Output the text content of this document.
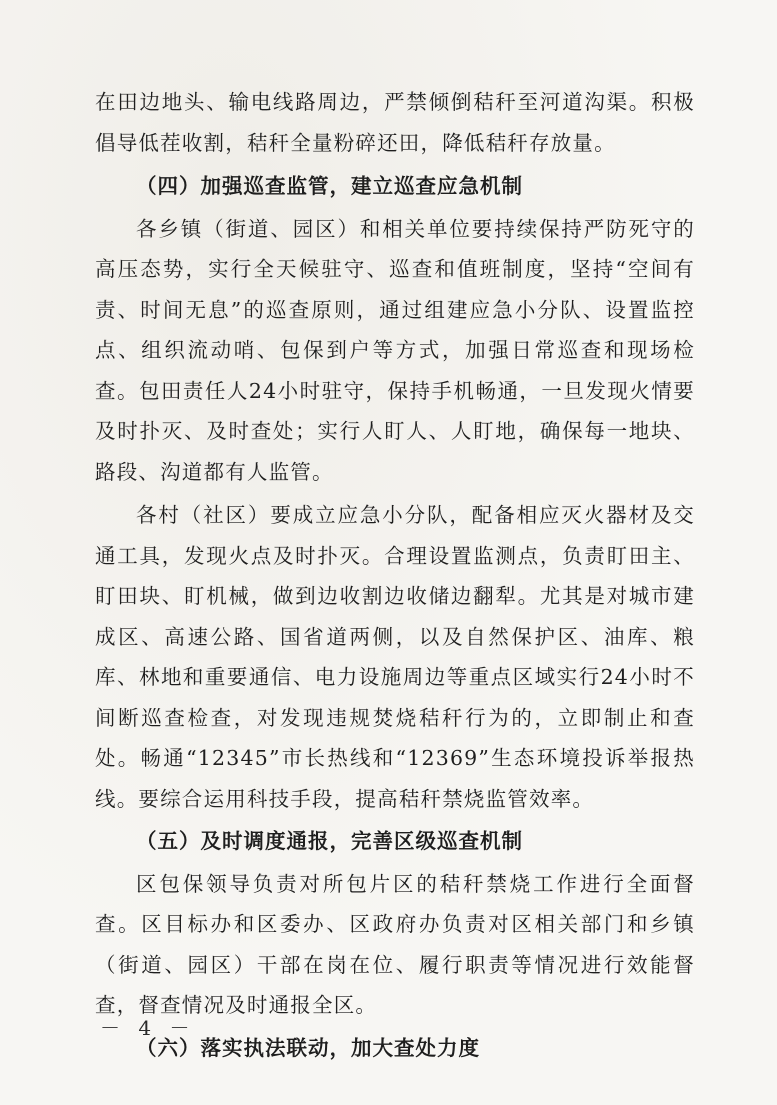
在田边地头、输电线路周边，严禁倾倒秸秆至河道沟渠。积极倡导低茬收割，秸秆全量粉碎还田，降低秸秆存放量。

（四）加强巡查监管，建立巡查应急机制

各乡镇（街道、园区）和相关单位要持续保持严防死守的高压态势，实行全天候驻守、巡查和值班制度，坚持“空间有责、时间无息”的巡查原则，通过组建应急小分队、设置监控点、组织流动哨、包保到户等方式，加强日常巡查和现场检查。包田责任人24小时驻守，保持手机畅通，一旦发现火情要及时扑灭、及时查处；实行人盯人、人盯地，确保每一地块、路段、沟道都有人监管。

各村（社区）要成立应急小分队，配备相应灭火器材及交通工具，发现火点及时扑灭。合理设置监测点，负责盯田主、盯田块、盯机械，做到边收割边收储边翻犁。尤其是对城市建成区、高速公路、国省道两侧，以及自然保护区、油库、粮库、林地和重要通信、电力设施周边等重点区域实行24小时不间断巡查检查，对发现违规焚烧秸秆行为的，立即制止和查处。畅通“12345”市长热线和“12369”生态环境投诉举报热线。要综合运用科技手段，提高秸秆禁烧监管效率。

（五）及时调度通报，完善区级巡查机制

区包保领导负责对所包片区的秸秆禁烧工作进行全面督查。区目标办和区委办、区政府办负责对区相关部门和乡镇（街道、园区）干部在岗在位、履行职责等情况进行效能督查，督查情况及时通报全区。

（六）落实执法联动，加大查处力度

－ 4 －
